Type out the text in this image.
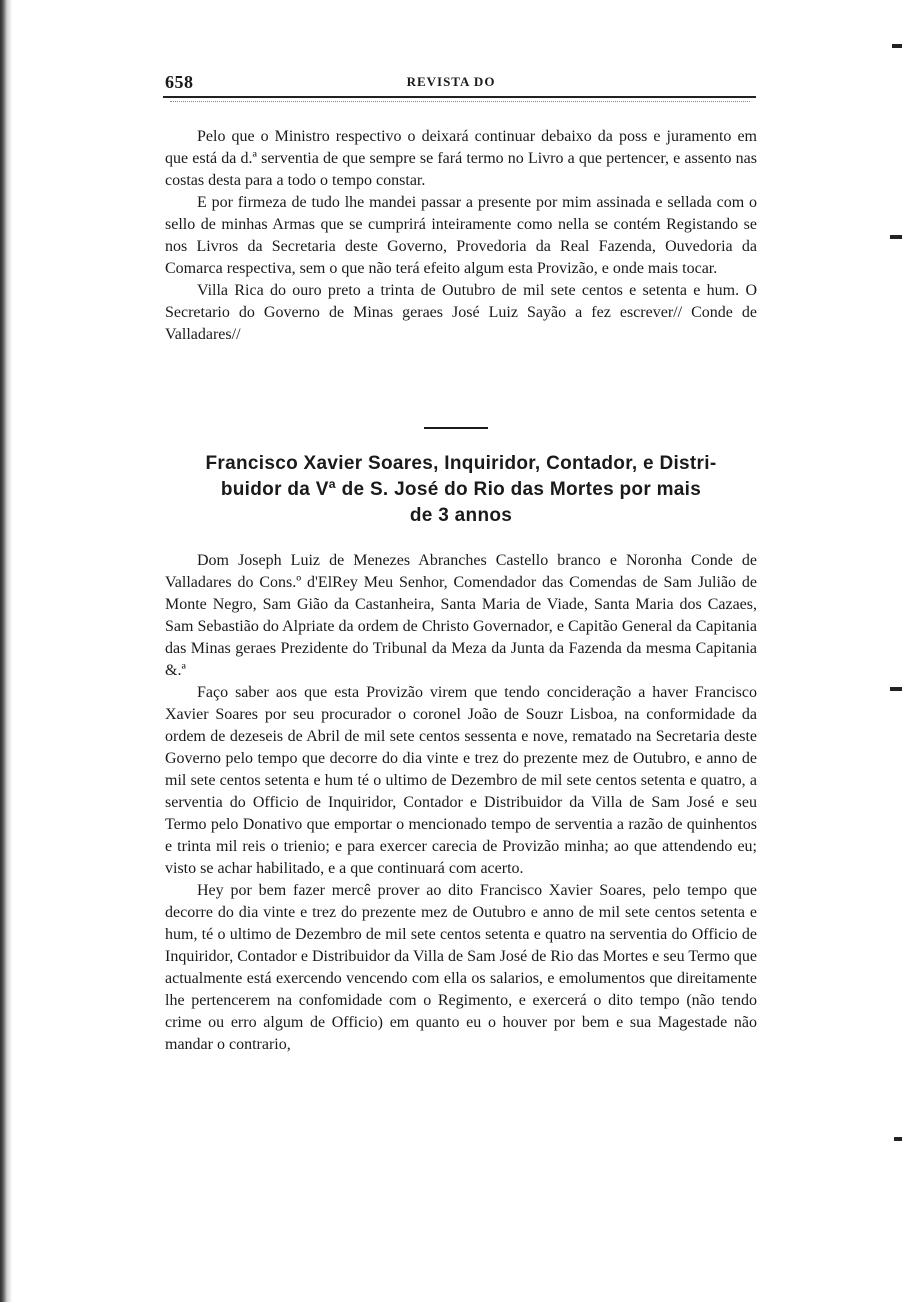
658	REVISTA DO

Pelo que o Ministro respectivo o deixará continuar debaixo da poss e juramento em que está da d.ª serventia de que sempre se fará termo no Livro a que pertencer, e assento nas costas desta para a todo o tempo constar.

E por firmeza de tudo lhe mandei passar a presente por mim assinada e sellada com o sello de minhas Armas que se cumprirá inteiramente como nella se contém Registando se nos Livros da Secretaria deste Governo, Provedoria da Real Fazenda, Ouvedoria da Comarca respectiva, sem o que não terá efeito algum esta Provizão, e onde mais tocar.

Villa Rica do ouro preto a trinta de Outubro de mil sete centos e setenta e hum. O Secretario do Governo de Minas geraes José Luiz Sayão a fez escrever// Conde de Valladares//

Francisco Xavier Soares, Inquiridor, Contador, e Distri-
buidor da Vª de S. José do Rio das Mortes por mais
de 3 annos

Dom Joseph Luiz de Menezes Abranches Castello branco e Noronha Conde de Valladares do Cons.º d'ElRey Meu Senhor, Comendador das Comendas de Sam Julião de Monte Negro, Sam Gião da Castanheira, Santa Maria de Viade, Santa Maria dos Cazaes, Sam Sebastião do Alpriate da ordem de Christo Governador, e Capitão General da Capitania das Minas geraes Prezidente do Tribunal da Meza da Junta da Fazenda da mesma Capitania &.ª

Faço saber aos que esta Provizão virem que tendo concideração a haver Francisco Xavier Soares por seu procurador o coronel João de Souzr Lisboa, na conformidade da ordem de dezeseis de Abril de mil sete centos sessenta e nove, rematado na Secretaria deste Governo pelo tempo que decorre do dia vinte e trez do prezente mez de Outubro, e anno de mil sete centos setenta e hum té o ultimo de Dezembro de mil sete centos setenta e quatro, a serventia do Officio de Inquiridor, Contador e Distribuidor da Villa de Sam José e seu Termo pelo Donativo que emportar o mencionado tempo de serventia a razão de quinhentos e trinta mil reis o trienio; e para exercer carecia de Provizão minha; ao que attendendo eu; visto se achar habilitado, e a que continuará com acerto.

Hey por bem fazer mercê prover ao dito Francisco Xavier Soares, pelo tempo que decorre do dia vinte e trez do prezente mez de Outubro e anno de mil sete centos setenta e hum, té o ultimo de Dezembro de mil sete centos setenta e quatro na serventia do Officio de Inquiridor, Contador e Distribuidor da Villa de Sam José de Rio das Mortes e seu Termo que actualmente está exercendo vencendo com ella os salarios, e emolumentos que direitamente lhe pertencerem na confomidade com o Regimento, e exercerá o dito tempo (não tendo crime ou erro algum de Officio) em quanto eu o houver por bem e sua Magestade não mandar o contrario,
